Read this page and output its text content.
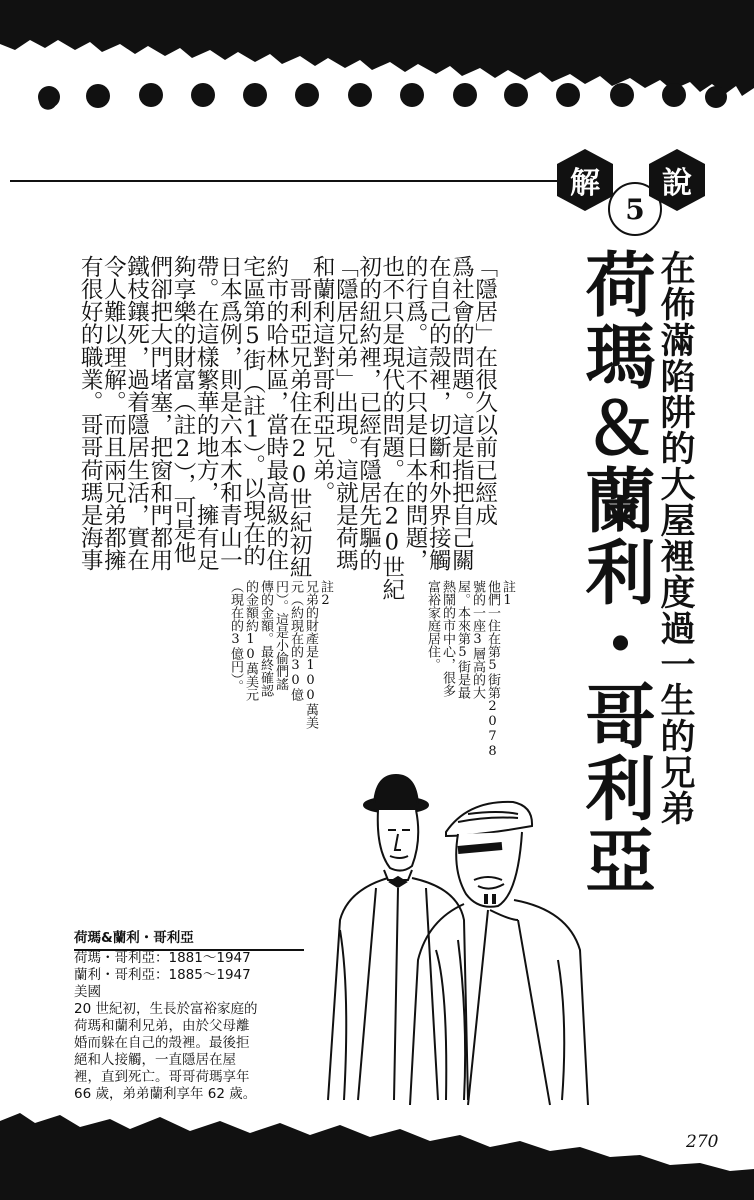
解
5
說
荷瑪＆蘭利・哥利亞
在佈滿陷阱的大屋裡度過一生的兄弟
「隱居」在很久以前已經成
爲社會的問題。這是指把自己關
在自己的殼裡，切斷和外界接觸
的行爲。這不只是日本的問題，
也不只是現代的問題。在20世紀
初的紐約裡，已經有隱居先驅的
「隱居兄弟」出現。這就是荷瑪
和蘭利這對哥利亞兄弟。
　哥利亞兄弟住在20世紀初紐
約市的哈林區，當時最高級的住
宅區第5街（註1）。以現在的
日本爲例，則是六本木和青山一
帶。在這樣繁華的地方，擁有足
夠享樂的財富（註2），可是他
們卻把大門堵塞，把窗和門都用
鐵枝鑲死，過着隱居生活，實在
令人難以理解。而且兩兄弟都擁
有很好的職業。哥哥荷瑪是海事
註1
他們一住在第5街第2078
號的一座3層高的大
屋。本來第5街是最
熱鬧的市中心，很多
富裕家庭居住。
註2
兄弟的財產是100萬美
元（約現在的30億
円）。這是小偷們謠
傳的金額。最終確認
的金額約10萬美元
（現在的3億円）。
荷瑪&蘭利・哥利亞
荷瑪・哥利亞：1881～1947
蘭利・哥利亞：1885～1947
美國
20 世紀初，生長於富裕家庭的
荷瑪和蘭利兄弟，由於父母離
婚而躲在自己的殼裡。最後拒
絕和人接觸，一直隱居在屋
裡，直到死亡。哥哥荷瑪享年
66 歲，弟弟蘭利享年 62 歲。
270
